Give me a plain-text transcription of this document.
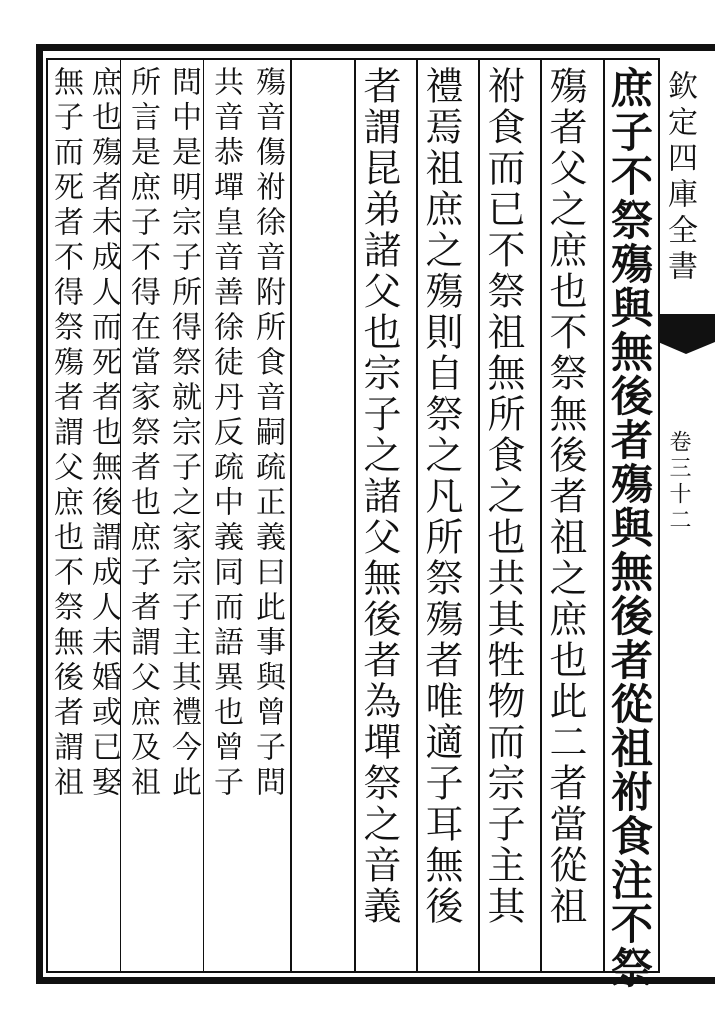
庶子不祭殤與無後者殤與無後者從祖祔食注不祭
殤者父之庶也不祭無後者祖之庶也此二者當從祖
祔食而已不祭祖無所食之也共其牲物而宗子主其
禮焉祖庶之殤則自祭之凡所祭殤者唯適子耳無後
者謂昆弟諸父也宗子之諸父無後者為墠祭之音義
殤音傷祔徐音附所食音嗣疏正義曰此事與曾子問
共音恭墠皇音善徐徒丹反疏中義同而語異也曾子
問中是明宗子所得祭就宗子之家宗子主其禮今此
所言是庶子不得在當家祭者也庶子者謂父庶及祖
庶也殤者未成人而死者也無後謂成人未婚或已娶
無子而死者不得祭殤者謂父庶也不祭無後者謂祖	欽定四庫全書
卷三十二
